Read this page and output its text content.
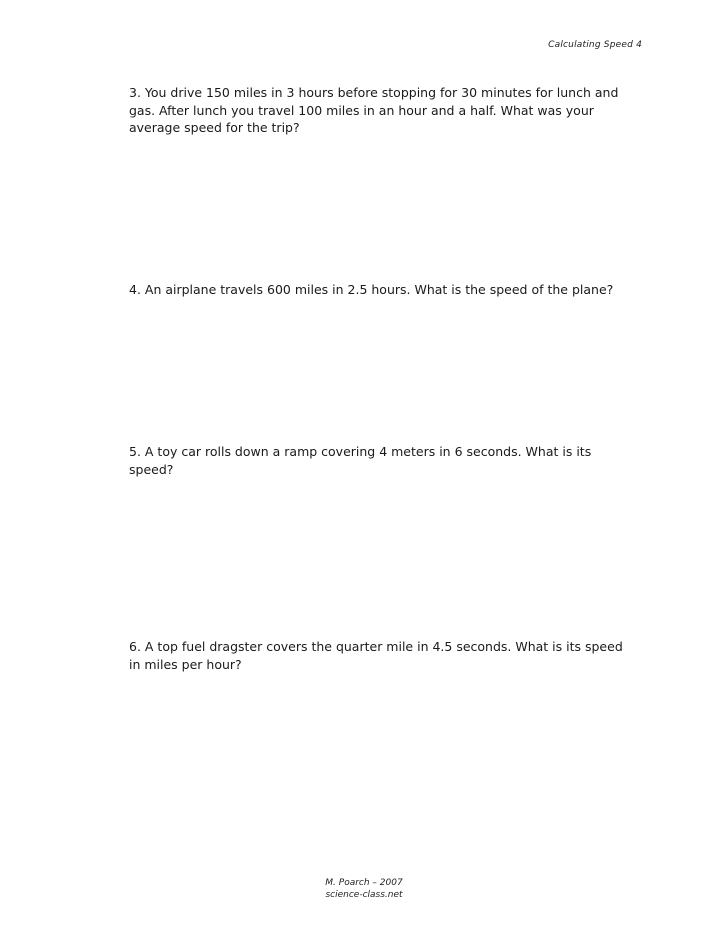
Calculating Speed 4
3. You drive 150 miles in 3 hours before stopping for 30 minutes for lunch and gas. After lunch you travel 100 miles in an hour and a half. What was your average speed for the trip?
4. An airplane travels 600 miles in 2.5 hours. What is the speed of the plane?
5. A toy car rolls down a ramp covering 4 meters in 6 seconds. What is its speed?
6. A top fuel dragster covers the quarter mile in 4.5 seconds. What is its speed in miles per hour?
M. Poarch – 2007
science-class.net
